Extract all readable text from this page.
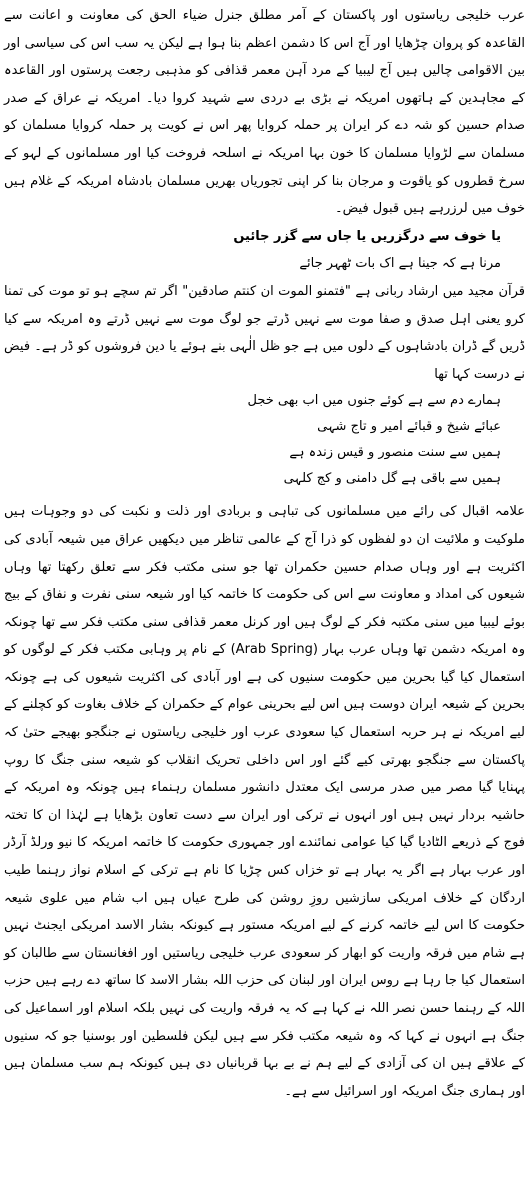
عرب خلیجی ریاستوں اور پاکستان کے آمر مطلق جنرل ضیاء الحق کی معاونت و اعانت سے القاعدہ کو پروان چڑھایا اور آج اس کا دشمن اعظم بنا ہوا ہے لیکن یہ سب اس کی سیاسی اور بین الاقوامی چالیں ہیں آج لیبیا کے مرد آہن معمر قذافی کو مذہبی رجعت پرستوں اور القاعدہ کے مجاہدین کے ہاتھوں امریکہ نے بڑی بے دردی سے شہید کروا دیا۔ امریکہ نے عراق کے صدر صدام حسین کو شہ دے کر ایران پر حملہ کروایا پھر اس نے کویت پر حملہ کروایا مسلمان کو مسلمان سے لڑوایا مسلمان کا خون بہا امریکہ نے اسلحہ فروخت کیا اور مسلمانوں کے لہو کے سرخ قطروں کو یاقوت و مرجان بنا کر اپنی تجوریاں بھریں مسلمان بادشاہ امریکہ کے غلام ہیں خوف میں لرزرہے ہیں قبول فیض۔

یا خوف سے درگزریں یا جاں سے گزر جائیں

مرنا ہے کہ جینا ہے اک بات ٹھہر جائے

قرآن مجید میں ارشاد ربانی ہے "فتمنو الموت ان کنتم صادقین" اگر تم سچے ہو تو موت کی تمنا کرو یعنی اہل صدق و صفا موت سے نہیں ڈرتے جو لوگ موت سے نہیں ڈرتے وہ امریکہ سے کیا ڈریں گے ڈران بادشاہوں کے دلوں میں ہے جو ظل الٰہی بنے ہوئے یا دین فروشوں کو ڈر ہے۔ فیض نے درست کہا تھا

ہمارے دم سے ہے کوئے جنوں میں اب بھی خجل

عبائے شیخ و قبائے امیر و تاج شہی

ہمیں سے سنت منصور و قیس زندہ ہے

ہمیں سے باقی ہے گل دامنی و کج کلہی

علامہ اقبال کی رائے میں مسلمانوں کی تباہی و بربادی اور ذلت و نکبت کی دو وجوہات ہیں ملوکیت و ملائیت ان دو لفظوں کو ذرا آج کے عالمی تناظر میں دیکھیں عراق میں شیعہ آبادی کی اکثریت ہے اور وہاں صدام حسین حکمران تھا جو سنی مکتب فکر سے تعلق رکھتا تھا وہاں شیعوں کی امداد و معاونت سے اس کی حکومت کا خاتمہ کیا اور شیعہ سنی نفرت و نفاق کے بیج بوئے لیبیا میں سنی مکتبہ فکر کے لوگ ہیں اور کرنل معمر قذافی سنی مکتب فکر سے تھا چونکہ وہ امریکہ دشمن تھا وہاں عرب بہار (Arab Spring) کے نام پر وہابی مکتب فکر کے لوگوں کو استعمال کیا گیا بحرین میں حکومت سنیوں کی ہے اور آبادی کی اکثریت شیعوں کی ہے چونکہ بحرین کے شیعہ ایران دوست ہیں اس لیے بحرینی عوام کے حکمران کے خلاف بغاوت کو کچلنے کے لیے امریکہ نے ہر حربہ استعمال کیا سعودی عرب اور خلیجی ریاستوں نے جنگجو بھیجے حتیٰ کہ پاکستان سے جنگجو بھرتی کیے گئے اور اس داخلی تحریک انقلاب کو شیعہ سنی جنگ کا روپ پہنایا گیا مصر میں صدر مرسی ایک معتدل دانشور مسلمان رہنماء ہیں چونکہ وہ امریکہ کے حاشیہ بردار نہیں ہیں اور انہوں نے ترکی اور ایران سے دست تعاون بڑھایا ہے لہٰذا ان کا تختہ فوج کے ذریعے الٹادیا گیا کیا عوامی نمائندے اور جمہوری حکومت کا خاتمہ امریکہ کا نیو ورلڈ آرڈر اور عرب بہار ہے اگر یہ بہار ہے تو خزاں کس چڑیا کا نام ہے ترکی کے اسلام نواز رہنما طیب اردگان کے خلاف امریکی سازشیں روزِ روشن کی طرح عیاں ہیں اب شام میں علوی شیعہ حکومت کا اس لیے خاتمہ کرنے کے لیے امریکہ مستور ہے کیونکہ بشار الاسد امریکی ایجنٹ نہیں ہے شام میں فرقہ واریت کو ابھار کر سعودی عرب خلیجی ریاستیں اور افغانستان سے طالبان کو استعمال کیا جا رہا ہے روس ایران اور لبنان کی حزب اللہ بشار الاسد کا ساتھ دے رہے ہیں حزب اللہ کے رہنما حسن نصر اللہ نے کہا ہے کہ یہ فرقہ واریت کی نہیں بلکہ اسلام اور اسماعیل کی جنگ ہے انہوں نے کہا کہ وہ شیعہ مکتب فکر سے ہیں لیکن فلسطین اور بوسنیا جو کہ سنیوں کے علاقے ہیں ان کی آزادی کے لیے ہم نے بے بہا قربانیاں دی ہیں کیونکہ ہم سب مسلمان ہیں اور ہماری جنگ امریکہ اور اسرائیل سے ہے۔
